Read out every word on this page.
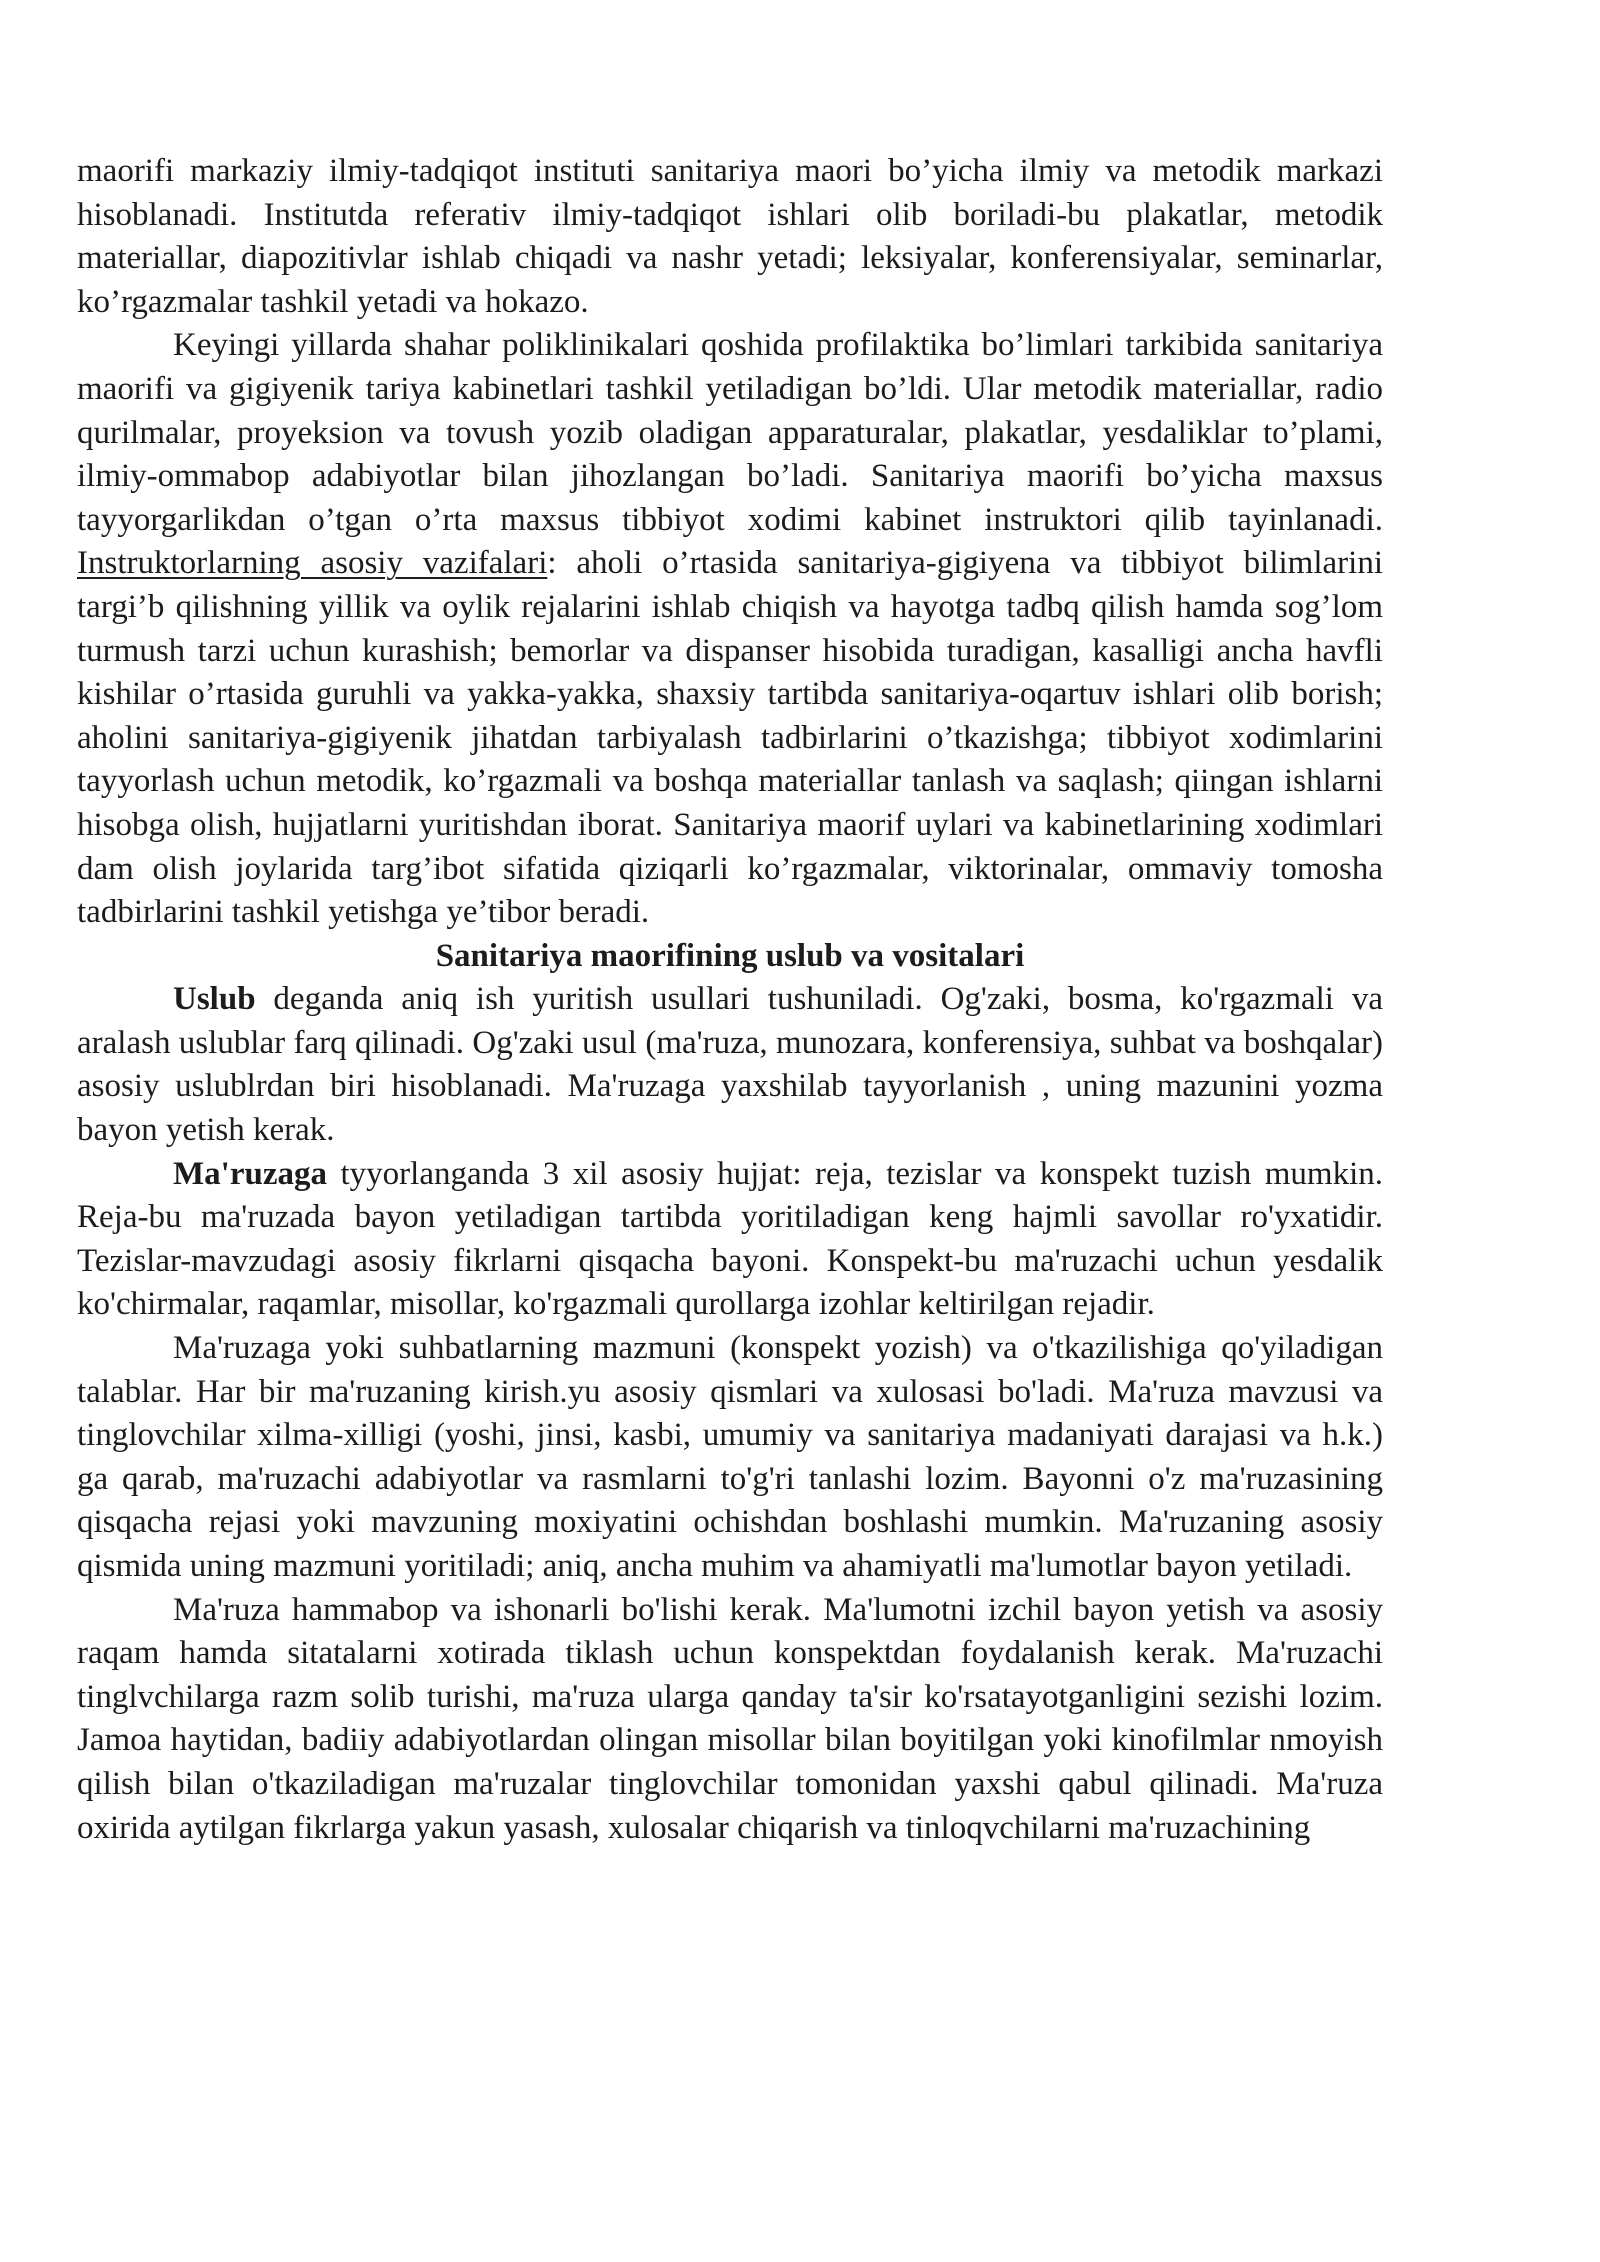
maorifi markaziy ilmiy-tadqiqot instituti sanitariya maori bo’yicha ilmiy va metodik markazi hisoblanadi. Institutda referativ ilmiy-tadqiqot ishlari olib boriladi-bu plakatlar, metodik materiallar, diapozitivlar ishlab chiqadi va nashr yetadi; leksiyalar, konferensiyalar, seminarlar, ko’rgazmalar tashkil yetadi va hokazo.

Keyingi yillarda shahar poliklinikalari qoshida profilaktika bo’limlari tarkibida sanitariya maorifi va gigiyenik tariya kabinetlari tashkil yetiladigan bo’ldi. Ular metodik materiallar, radio qurilmalar, proyeksion va tovush yozib oladigan apparaturalar, plakatlar, yesdaliklar to’plami, ilmiy-ommabop adabiyotlar bilan jihozlangan bo’ladi. Sanitariya maorifi bo’yicha maxsus tayyorgarlikdan o’tgan o’rta maxsus tibbiyot xodimi kabinet instruktori qilib tayinlanadi. Instruktorlarning asosiy vazifalari: aholi o’rtasida sanitariya-gigiyena va tibbiyot bilimlarini targi’b qilishning yillik va oylik rejalarini ishlab chiqish va hayotga tadbq qilish hamda sog’lom turmush tarzi uchun kurashish; bemorlar va dispanser hisobida turadigan, kasalligi ancha havfli kishilar o’rtasida guruhli va yakka-yakka, shaxsiy tartibda sanitariya-oqartuv ishlari olib borish; aholini sanitariya-gigiyenik jihatdan tarbiyalash tadbirlarini o’tkazishga; tibbiyot xodimlarini tayyorlash uchun metodik, ko’rgazmali va boshqa materiallar tanlash va saqlash; qiingan ishlarni hisobga olish, hujjatlarni yuritishdan iborat. Sanitariya maorif uylari va kabinetlarining xodimlari dam olish joylarida targ’ibot sifatida qiziqarli ko’rgazmalar, viktorinalar, ommaviy tomosha tadbirlarini tashkil yetishga ye’tibor beradi.

Sanitariya maorifining uslub va vositalari

Uslub deganda aniq ish yuritish usullari tushuniladi. Og'zaki, bosma, ko'rgazmali va aralash uslublar farq qilinadi. Og'zaki usul (ma'ruza, munozara, konferensiya, suhbat va boshqalar) asosiy uslublrdan biri hisoblanadi. Ma'ruzaga yaxshilab tayyorlanish , uning mazunini yozma bayon yetish kerak.

Ma'ruzaga tyyorlanganda 3 xil asosiy hujjat: reja, tezislar va konspekt tuzish mumkin. Reja-bu ma'ruzada bayon yetiladigan tartibda yoritiladigan keng hajmli savollar ro'yxatidir. Tezislar-mavzudagi asosiy fikrlarni qisqacha bayoni. Konspekt-bu ma'ruzachi uchun yesdalik ko'chirmalar, raqamlar, misollar, ko'rgazmali qurollarga izohlar keltirilgan rejadir.

Ma'ruzaga yoki suhbatlarning mazmuni (konspekt yozish) va o'tkazilishiga qo'yiladigan talablar. Har bir ma'ruzaning kirish.yu asosiy qismlari va xulosasi bo'ladi. Ma'ruza mavzusi va tinglovchilar xilma-xilligi (yoshi, jinsi, kasbi, umumiy va sanitariya madaniyati darajasi va h.k.) ga qarab, ma'ruzachi adabiyotlar va rasmlarni to'g'ri tanlashi lozim. Bayonni o'z ma'ruzasining qisqacha rejasi yoki mavzuning moxiyatini ochishdan boshlashi mumkin. Ma'ruzaning asosiy qismida uning mazmuni yoritiladi; aniq, ancha muhim va ahamiyatli ma'lumotlar bayon yetiladi.

Ma'ruza hammabop va ishonarli bo'lishi kerak. Ma'lumotni izchil bayon yetish va asosiy raqam hamda sitatalarni xotirada tiklash uchun konspektdan foydalanish kerak. Ma'ruzachi tinglvchilarga razm solib turishi, ma'ruza ularga qanday ta'sir ko'rsatayotganligini sezishi lozim. Jamoa haytidan, badiiy adabiyotlardan olingan misollar bilan boyitilgan yoki kinofilmlar nmoyish qilish bilan o'tkaziladigan ma'ruzalar tinglovchilar tomonidan yaxshi qabul qilinadi. Ma'ruza oxirida aytilgan fikrlarga yakun yasash, xulosalar chiqarish va tinloqvchilarni ma'ruzachining
